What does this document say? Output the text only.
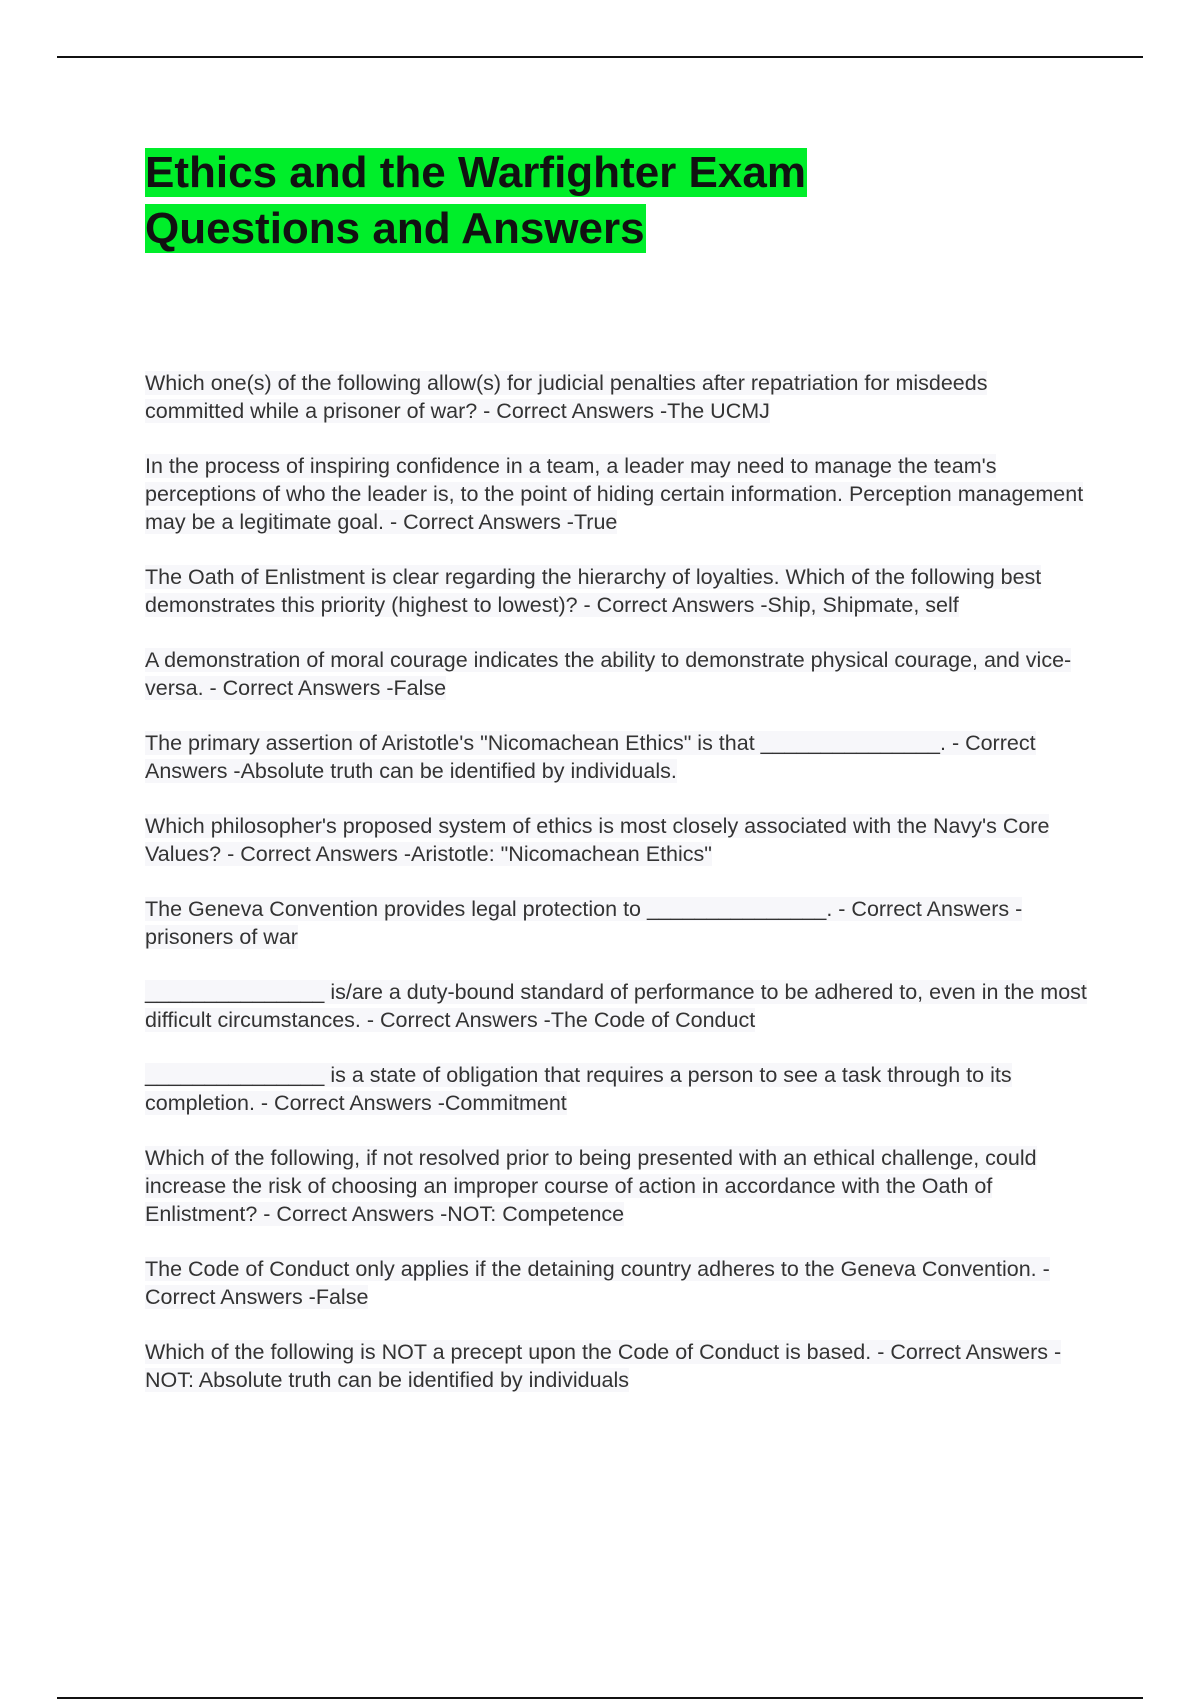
Ethics and the Warfighter Exam
Questions and Answers

Which one(s) of the following allow(s) for judicial penalties after repatriation for misdeeds committed while a prisoner of war? - Correct Answers -The UCMJ

In the process of inspiring confidence in a team, a leader may need to manage the team's perceptions of who the leader is, to the point of hiding certain information. Perception management may be a legitimate goal. - Correct Answers -True

The Oath of Enlistment is clear regarding the hierarchy of loyalties. Which of the following best demonstrates this priority (highest to lowest)? - Correct Answers -Ship, Shipmate, self

A demonstration of moral courage indicates the ability to demonstrate physical courage, and vice-versa. - Correct Answers -False

The primary assertion of Aristotle's "Nicomachean Ethics" is that _______________. - Correct Answers -Absolute truth can be identified by individuals.

Which philosopher's proposed system of ethics is most closely associated with the Navy's Core Values? - Correct Answers -Aristotle: "Nicomachean Ethics"

The Geneva Convention provides legal protection to _______________. - Correct Answers -prisoners of war

_______________ is/are a duty-bound standard of performance to be adhered to, even in the most difficult circumstances. - Correct Answers -The Code of Conduct

_______________ is a state of obligation that requires a person to see a task through to its completion. - Correct Answers -Commitment

Which of the following, if not resolved prior to being presented with an ethical challenge, could increase the risk of choosing an improper course of action in accordance with the Oath of Enlistment? - Correct Answers -NOT: Competence

The Code of Conduct only applies if the detaining country adheres to the Geneva Convention. - Correct Answers -False

Which of the following is NOT a precept upon the Code of Conduct is based. - Correct Answers -NOT: Absolute truth can be identified by individuals
